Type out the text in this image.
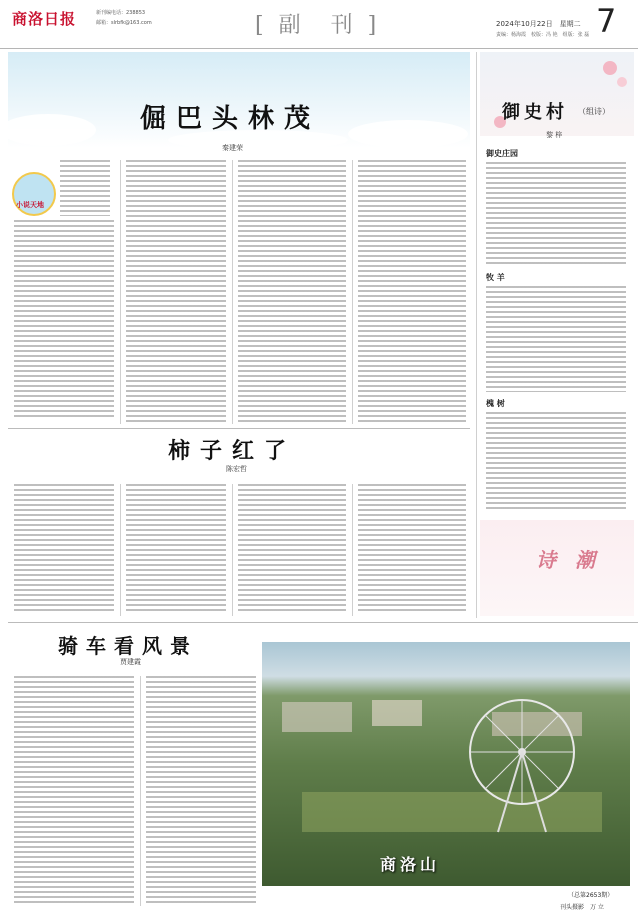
商洛日报	新刊编电话：238853
邮箱：slrbfk@163.com	[ 副　刊 ]	2024年10月22日　星期二
责编：杨海霞　校版：冯 艳　组版：张 磊 7
倔巴头林茂
秦建荣
小说天地
柿子红了
陈宏哲
骑车看风景
贾建霞
商洛山
（总第2653期）
刊头摄影　万 立
御史村 （组诗）
黎 梓
御史庄园
牧 羊
槐 树
诗 潮
